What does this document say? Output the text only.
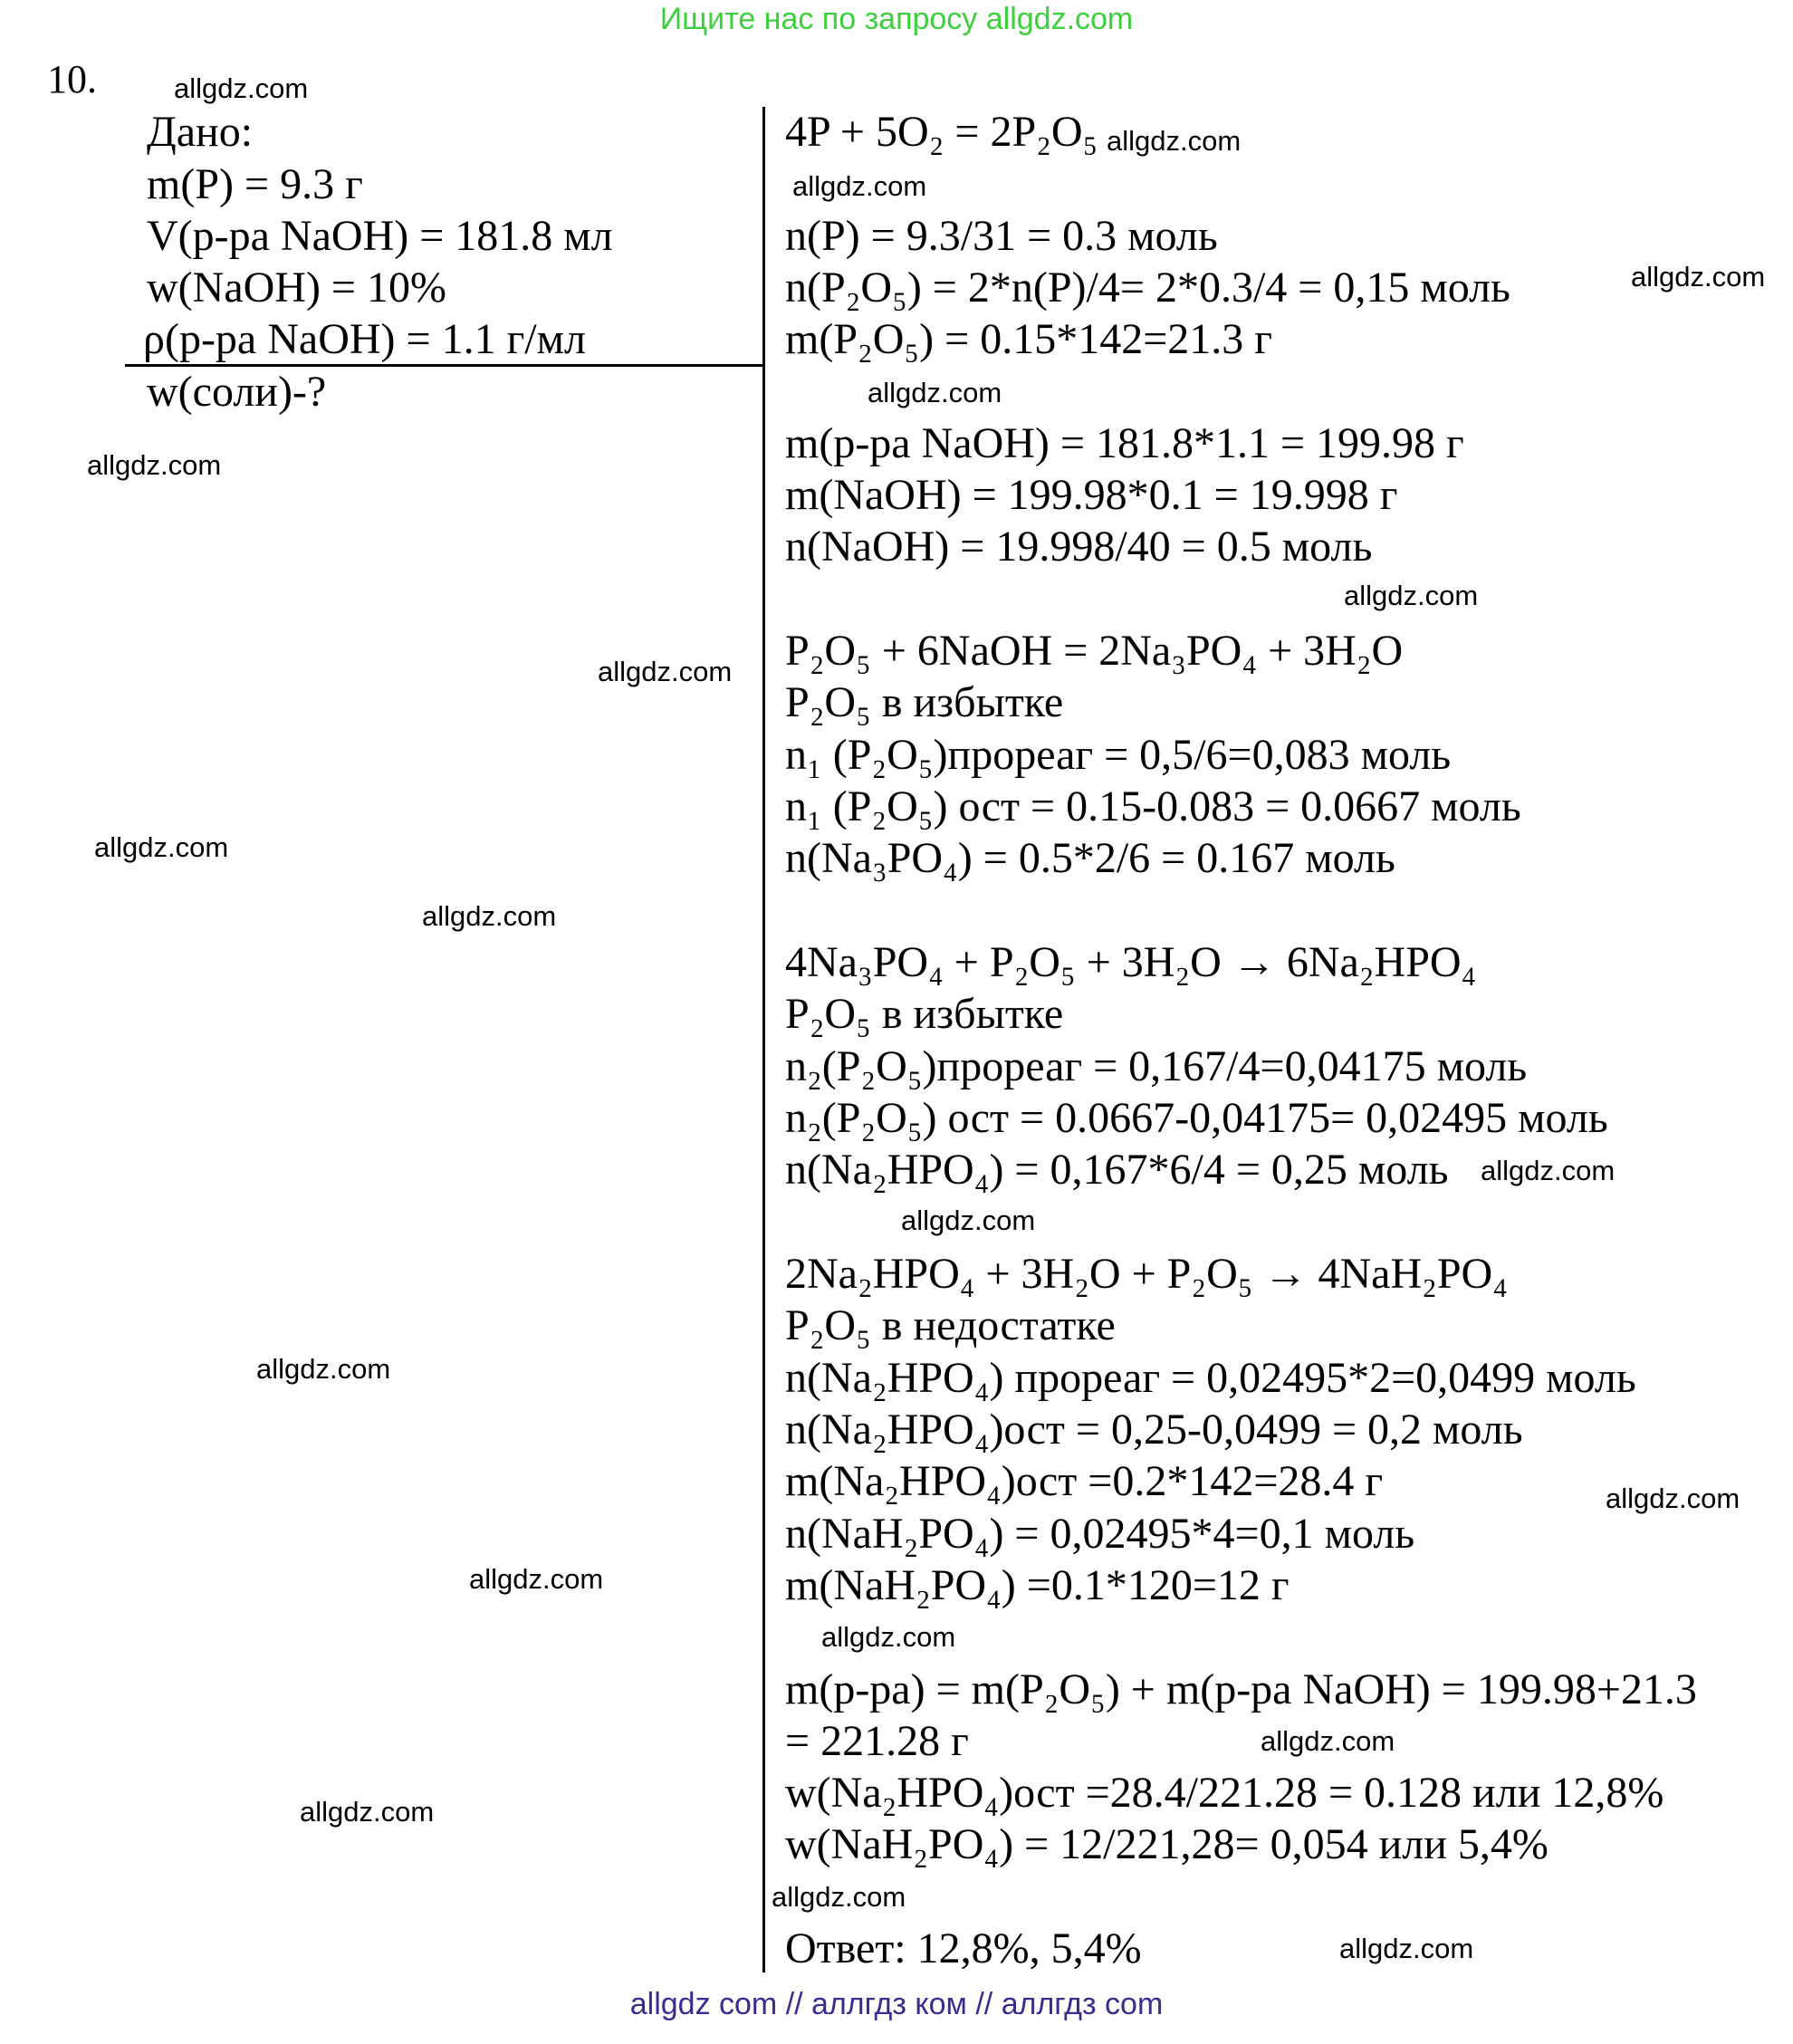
Ищите нас по запросу allgdz.com
10.
Дано:
m(P) = 9.3 г
V(р-ра NaOH) = 181.8 мл
w(NaOH) = 10%
ρ(р-ра NaOH) = 1.1 г/мл
w(соли)-?
4P + 5O₂ = 2P₂O₅
n(P) = 9.3/31 = 0.3 моль
n(P₂O₅) = 2*n(P)/4= 2*0.3/4 = 0,15 моль
m(P₂O₅) = 0.15*142=21.3 г
m(р-ра NaOH) = 181.8*1.1 = 199.98 г
m(NaOH) = 199.98*0.1 = 19.998 г
n(NaOH) = 19.998/40 = 0.5 моль
P₂O₅ + 6NaOH = 2Na₃PO₄ + 3H₂O
P₂O₅ в избытке
n₁ (P₂O₅)прореаг = 0,5/6=0,083 моль
n₁ (P₂O₅) ост = 0.15-0.083 = 0.0667 моль
n(Na₃PO₄) = 0.5*2/6 = 0.167 моль
4Na₃PO₄ + P₂O₅ + 3H₂O → 6Na₂HPO₄
P₂O₅ в избытке
n₂(P₂O₅)прореаг = 0,167/4=0,04175 моль
n₂(P₂O₅) ост = 0.0667-0,04175= 0,02495 моль
n(Na₂HPO₄) = 0,167*6/4 = 0,25 моль
2Na₂HPO₄ + 3H₂O + P₂O₅ → 4NaH₂PO₄
P₂O₅ в недостатке
n(Na₂HPO₄) прореаг = 0,02495*2=0,0499 моль
n(Na₂HPO₄)ост = 0,25-0,0499 = 0,2 моль
m(Na₂HPO₄)ост =0.2*142=28.4 г
n(NaH₂PO₄) = 0,02495*4=0,1 моль
m(NaH₂PO₄) =0.1*120=12 г
m(р-ра) = m(P₂O₅) + m(р-ра NaOH) = 199.98+21.3
= 221.28 г
w(Na₂HPO₄)ост =28.4/221.28 = 0.128 или 12,8%
w(NaH₂PO₄) = 12/221,28= 0,054 или 5,4%
Ответ: 12,8%, 5,4%
allgdz.com
allgdz.com
allgdz.com
allgdz.com
allgdz.com
allgdz.com
allgdz.com
allgdz.com
allgdz.com
allgdz.com
allgdz.com
allgdz.com
allgdz.com
allgdz.com
allgdz.com
allgdz.com
allgdz.com
allgdz.com
allgdz.com
allgdz.com
allgdz com // аллгдз ком // аллгдз com
